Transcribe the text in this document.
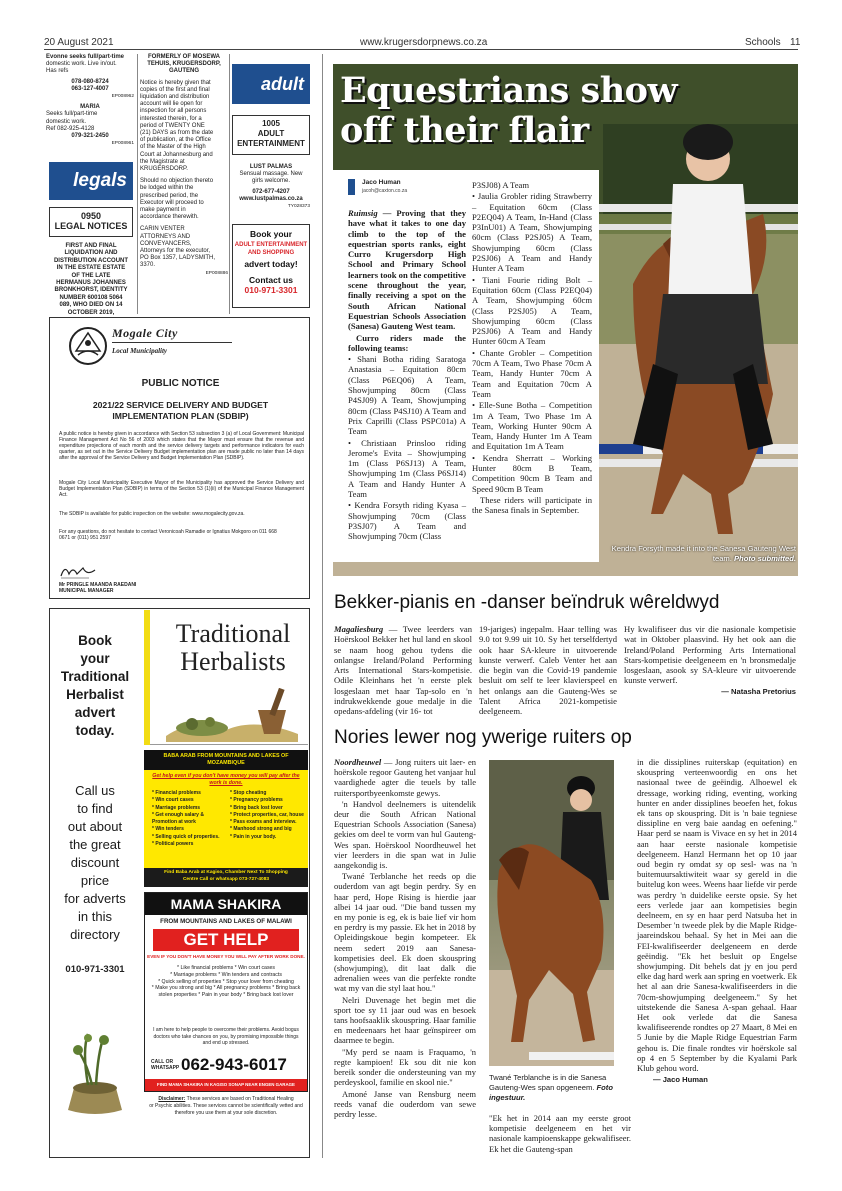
20 August 2021	www.krugersdorpnews.co.za	Schools 11
Evonne seeks full/part-time
domestic work. Live in/out.
Has refs
078-080-8724
063-127-4007
EP008962
MARIA
Seeks full/part-time
domestic work.
Ref 082-925-4128
079-321-2450
EP008961
legals
0950
LEGAL NOTICES
FIRST AND FINAL
LIQUIDATION AND
DISTRIBUTION ACCOUNT
IN THE ESTATE ESTATE
OF THE LATE
HERMANUS JOHANNES
BRONKHORST, IDENTITY
NUMBER 600108 5064
089, WHO DIED ON 14
OCTOBER 2019,
FORMERLY OF MOSEWA
TEHUIS, KRUGERSDORP,
GAUTENG
Notice is hereby given that
copies of the first and final
liquidation and distribution
account will lie open for
inspection for all persons
interested therein, for a
period of TWENTY ONE
(21) DAYS as from the date
of publication, at the Office
of the Master of the High
Court at Johannesburg and
the Magistrate at
KRUGERSDORP.
Should no objection thereto
be lodged within the
prescribed period, the
Executor will proceed to
make payment in
accordance therewith.
CARIN VENTER
ATTORNEYS AND
CONVEYANCERS,
Attorneys for the executor,
PO Box 1357, LADYSMITH,
3370.
EP008886
adult
1005
ADULT
ENTERTAINMENT
LUST PALMAS
Sensual massage. New
girls welcome.
072-677-4207
www.lustpalmas.co.za
TY028373
Book your
ADULT ENTERTAINMENT
AND SHOPPING
advert today!
Contact us
010-971-3301
Mogale City
Local Municipality
PUBLIC NOTICE
2021/22 SERVICE DELIVERY AND BUDGET
IMPLEMENTATION PLAN (SDBIP)
A public notice is hereby given in accordance with Section 53 subsection 3 (a) of Local Government: Municipal Finance Management Act No 56 of 2003 which states that the Mayor must ensure that the revenue and expenditure projections of each month and the service delivery targets and performance indicators for each quarter, as set out in the Service Delivery Budget implementation plan are made public no later than 14 days after the approval of the Service Delivery and Budget Implementation Plan (SDBIP).
Mogale City Local Municipality Executive Mayor of the Municipality has approved the Service Delivery and Budget Implementation Plan (SDBIP) in terms of the Section 53 (1)(ii) of the Municipal Finance Management Act.
The SDBIP is available for public inspection on the website: www.mogalecity.gov.za.
For any questions, do not hesitate to contact Veronicoah Ramadie or Ignatius Mokgoro on 011 668 0671 or (011) 951 2597
Mr PRINGLE MAANDA RAEDANI
MUNICIPAL MANAGER
Book
your
Traditional
Herbalist
advert
today.
Call us
to find
out about
the great
discount
price
for adverts
in this
directory
010-971-3301
Traditional
Herbalists
BABA ARAB FROM MOUNTAINS AND LAKES OF
MOZAMBIQUE
Get help even if you don't have money you will pay after the work is done.
* Financial problems
* Win court cases
* Marriage problems
* Get enough salary & Promotion at work
* Win tenders
* Selling quick of properties.
* Political powers
* Stop cheating
* Pregnancy problems
* Bring back lost lover
* Protect properties, car, house
* Pass exams and interview.
* Manhood strong and big
* Pain in your body.
Find Baba Arab at Kagiso, Chamber Next To Shopping
Centre Call or whatsapp 073-727-4083
MAMA SHAKIRA
FROM MOUNTAINS AND LAKES OF MALAWI
GET HELP
EVEN IF YOU DON'T HAVE MONEY YOU WILL PAY AFTER WORK DONE.
* Like financial problems * Win court cases
* Marriage problems * Win tenders and contracts
* Quick selling of properties * Stop your lover from cheating
* Make you strong and big * All pregnancy problems * Bring back
stolen properties * Pain in your body * Bring back lost lover
I am here to help people to overcome their problems. Avoid bogus
doctors who take chances on you, by promising impossible things
and end up stressed.
CALL OR
WHATSAPP 062-943-6017
FIND MAMA SHAKIRA IN KAGISO SONAP NEAR ENGEN GARAGE
Disclaimer: These services are based on Traditional Healing
or Psychic abilities. These services cannot be scientifically vetted and
therefore you use them at your sole discretion.
Equestrians show
off their flair
Jaco Human
jacoh@caxton.co.za

Ruimsig — Proving that they have what it takes to one day climb to the top of the equestrian sports ranks, eight Curro Krugersdorp High School and Primary School learners took on the competitive scene throughout the year, finally receiving a spot on the South African National Equestrian Schools Association (Sanesa) Gauteng West team.

Curro riders made the following teams:

• Shani Botha riding Saratoga Anastasia – Equitation 80cm (Class P6EQ06) A Team, Showjumping 80cm (Class P4SJ09) A Team, Showjumping 80cm (Class P4SJ10) A Team and Prix Caprilli (Class PSPC01a) A Team

• Christiaan Prinsloo riding Jerome's Evita – Showjumping 1m (Class P6SJ13) A Team, Showjumping 1m (Class P6SJ14) A Team and Handy Hunter A Team

• Kendra Forsyth riding Kyasa – Showjumping 70cm (Class P3SJ07) A Team and Showjumping 70cm (Class

P3SJ08) A Team

• Jaulia Grobler riding Strawberry – Equitation 60cm (Class P2EQ04) A Team, In-Hand (Class P3InU01) A Team, Showjumping 60cm (Class P2SJ05) A Team, Showjumping 60cm (Class P2SJ06) A Team and Handy Hunter A Team

• Tiani Fourie riding Bolt – Equitation 60cm (Class P2EQ04) A Team, Showjumping 60cm (Class P2SJ05) A Team, Showjumping 60cm (Class P2SJ06) A Team and Handy Hunter 60cm A Team

• Chante Grobler – Competition 70cm A Team, Two Phase 70cm A Team, Handy Hunter 70cm A Team and Equitation 70cm A Team

• Elle-Sune Botha – Competition 1m A Team, Two Phase 1m A Team, Working Hunter 90cm A Team, Handy Hunter 1m A Team and Equitation 1m A Team

• Kendra Sherratt – Working Hunter 80cm B Team, Competition 90cm B Team and Speed 90cm B Team

These riders will participate in the Sanesa finals in September.

Kendra Forsyth made it into the Sanesa Gauteng West team. Photo submitted.
Bekker-pianis en -danser beïndruk wêreldwyd
Magaliesburg — Twee leerders van Hoërskool Bekker het hul land en skool se naam hoog gehou tydens die onlangse Ireland/Poland Performing Arts International Stars-kompetisie. Odile Kleinhans het 'n eerste plek losgeslaan met haar Tap-solo en 'n indrukwekkende goue medalje in die opedans-afdeling (vir 16- tot
19-jariges) ingepalm. Haar telling was 9.0 tot 9.99 uit 10. Sy het terselfdertyd ook haar SA-kleure in uitvoerende kunste verwerf. Caleb Venter het aan die begin van die Covid-19 pandemie besluit om self te leer klavierspeel en het onlangs aan die Gauteng-Wes se Talent Africa 2021-kompetisie deelgeneem.

Hy kwalifiseer dus vir die nasionale kompetisie wat in Oktober plaasvind. Hy het ook aan die Ireland/Poland Performing Arts International Stars-kompetisie deelgeneem en 'n bronsmedalje losgeslaan, asook sy SA-kleure vir uitvoerende kunste verwerf.

— Natasha Pretorius

Nories lewer nog ywerige ruiters op

Noordheuwel — Jong ruiters uit laer- en hoërskole regoor Gauteng het vanjaar hul vaardighede agter die teuels by talle ruitersportbyeenkomste gewys.

'n Handvol deelnemers is uitendelik deur die South African National Equestrian Schools Association (Sanesa) gekies om deel te vorm van hul Gauteng-Wes span. Hoërskool Noordheuwel het vier leerders in die span wat in Julie aangekondig is.

Twané Terblanche het reeds op die ouderdom van agt begin perdry. Sy en haar perd, Hope Rising is hierdie jaar albei 14 jaar oud. "Die band tussen my en my ponie is eg, ek is baie lief vir hom en perdry is my passie. Ek het in 2018 by Opleidingskoue begin kompeteer. Ek neem sedert 2019 aan Sanesa-kompetisies deel. Ek doen skouspring (showjumping), dit laat dalk die adrenalien wees van die perfekte rondte wat my van die styl laat hou."

Nelri Duvenage het begin met die sport toe sy 11 jaar oud was en besoek tans hoofsaaklik skouspring. Haar familie en medeenaars het haar geïnspireer om daarmee te begin.

"My perd se naam is Fraquamo, 'n regte kampioen! Ek sou dit nie kon bereik sonder die ondersteuning van my perdeyskool, familie en skool nie."

Amoné Janse van Rensburg neem reeds vanaf die ouderdom van sewe perdry lesse.

Twané Terblanche is in die Sanesa Gauteng-Wes span opgeneem. Foto ingestuur.
"Ek het in 2014 aan my eerste groot kompetisie deelgeneem en het vir nasionale kampioenskappe gekwalifiseer. Ek het die Gauteng-span

in die dissiplines ruiterskap (equitation) en skouspring verteenwoordig en ons het nasionaal twee de geëindig. Alhoewel ek dressage, working riding, eventing, working hunter en ander dissiplines beoefen het, fokus ek tans op skouspring. Dit is 'n baie tegniese dissipline en verg baie aandag en oefening." Haar perd se naam is Vivace en sy het in 2014 aan haar eerste nasionale kompetisie deelgeneem. Hanzl Hermann het op 10 jaar oud begin ry omdat sy op sesl- was na 'n buitemuursaktiwiteit waar sy gereld in die buitelug kon wees. Weens haar liefde vir perde was perdry 'n duidelike eerste opsie. Sy het eers verlede jaar aan kompetisies begin deelneem, en sy en haar perd Natsuba het in Desember 'n tweede plek by die Maple Ridge-jaareindskou behaal. Sy het in Mei aan die FEI-kwalifiseerder deelgeneem en derde geëindig. "Ek het besluit op Engelse showjumping. Dit behels dat jy en jou perd elke dag hard werk aan spring en voetwerk. Ek het al aan drie Sanesa-kwalifiseerders in die 70cm-showjumping deelgeneem." Sy het uitstekende die Sanesa A-span gehaal. Haar Het ook verlede dat die Sanesa kwalifiseerende rondtes op 27 Maart, 8 Mei en 5 Junie by die Maple Ridge Equestrian Farm gehou is. Die finale rondtes vir hoërskole sal op 4 en 5 September by die Kyalami Park Klub gehou word.

— Jaco Human
